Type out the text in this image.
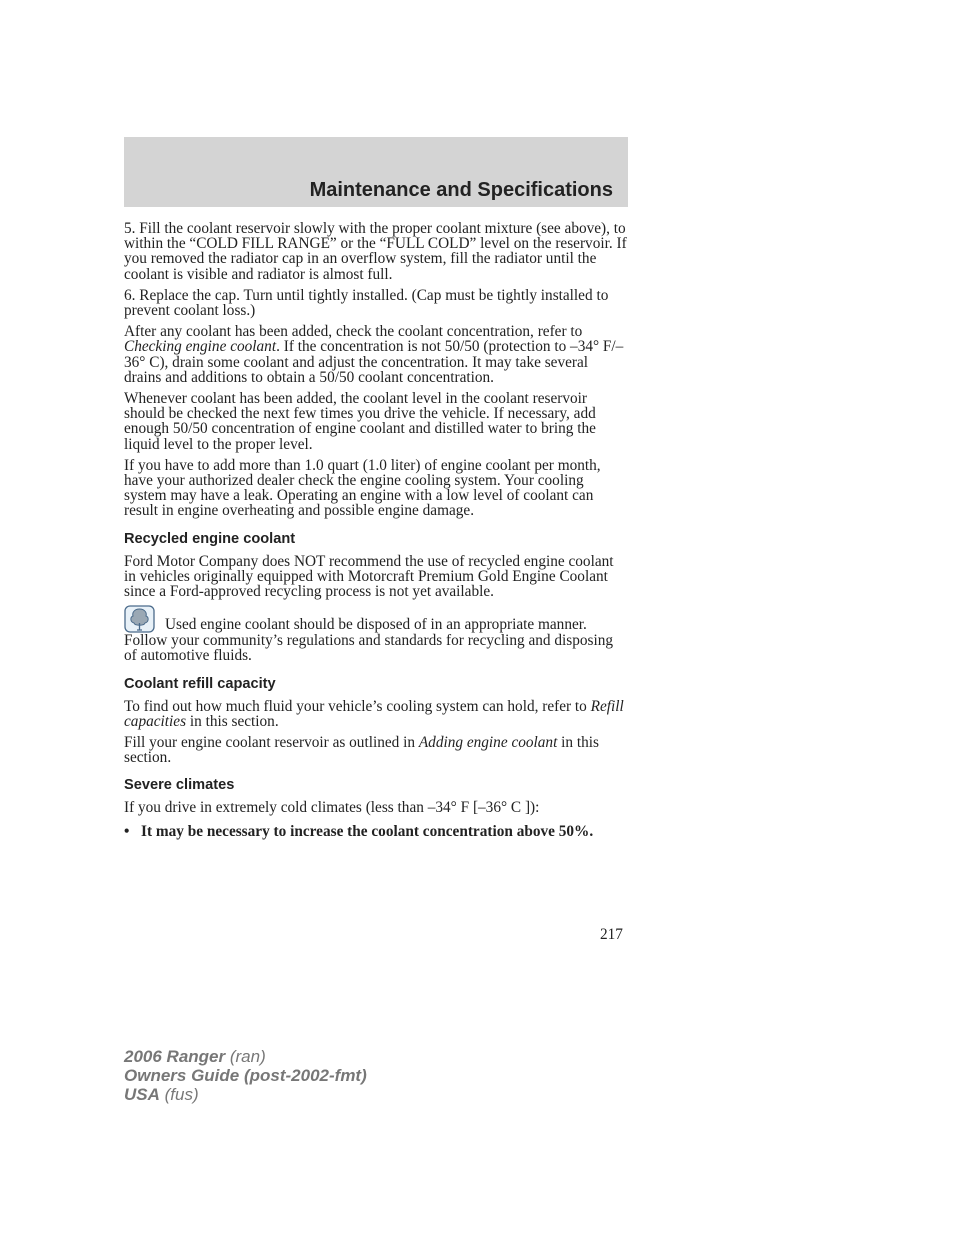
Maintenance and Specifications

5. Fill the coolant reservoir slowly with the proper coolant mixture (see above), to within the “COLD FILL RANGE” or the “FULL COLD” level on the reservoir. If you removed the radiator cap in an overflow system, fill the radiator until the coolant is visible and radiator is almost full.

6. Replace the cap. Turn until tightly installed. (Cap must be tightly installed to prevent coolant loss.)

After any coolant has been added, check the coolant concentration, refer to Checking engine coolant. If the concentration is not 50/50 (protection to –34° F/–36° C), drain some coolant and adjust the concentration. It may take several drains and additions to obtain a 50/50 coolant concentration.

Whenever coolant has been added, the coolant level in the coolant reservoir should be checked the next few times you drive the vehicle. If necessary, add enough 50/50 concentration of engine coolant and distilled water to bring the liquid level to the proper level.

If you have to add more than 1.0 quart (1.0 liter) of engine coolant per month, have your authorized dealer check the engine cooling system. Your cooling system may have a leak. Operating an engine with a low level of coolant can result in engine overheating and possible engine damage.

Recycled engine coolant

Ford Motor Company does NOT recommend the use of recycled engine coolant in vehicles originally equipped with Motorcraft Premium Gold Engine Coolant since a Ford-approved recycling process is not yet available.

Used engine coolant should be disposed of in an appropriate manner. Follow your community’s regulations and standards for recycling and disposing of automotive fluids.

Coolant refill capacity

To find out how much fluid your vehicle’s cooling system can hold, refer to Refill capacities in this section.

Fill your engine coolant reservoir as outlined in Adding engine coolant in this section.

Severe climates

If you drive in extremely cold climates (less than –34° F [–36° C ]):

• It may be necessary to increase the coolant concentration above 50%.
217
2006 Ranger (ran)
Owners Guide (post-2002-fmt)
USA (fus)
